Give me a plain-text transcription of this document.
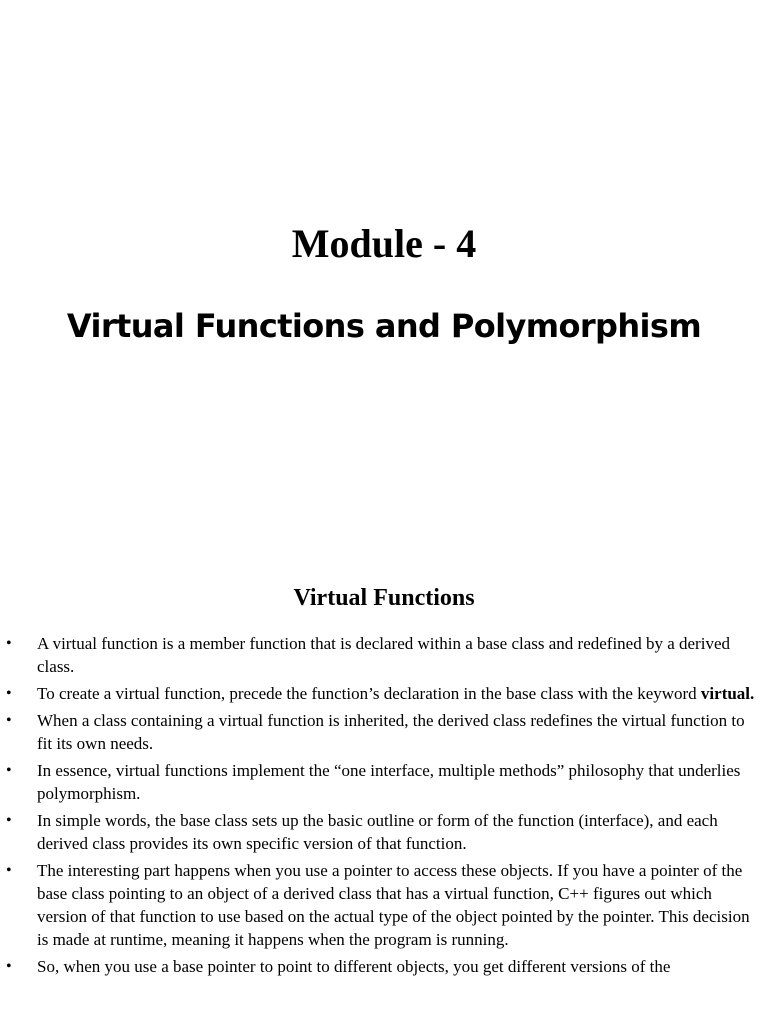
Module - 4
Virtual Functions and Polymorphism
Virtual Functions
• A virtual function is a member function that is declared within a base class and redefined by a derived class.
• To create a virtual function, precede the function’s declaration in the base class with the keyword virtual.
• When a class containing a virtual function is inherited, the derived class redefines the virtual function to fit its own needs.
• In essence, virtual functions implement the “one interface, multiple methods” philosophy that underlies polymorphism.
• In simple words, the base class sets up the basic outline or form of the function (interface), and each derived class provides its own specific version of that function.
• The interesting part happens when you use a pointer to access these objects. If you have a pointer of the base class pointing to an object of a derived class that has a virtual function, C++ figures out which version of that function to use based on the actual type of the object pointed by the pointer. This decision is made at runtime, meaning it happens when the program is running.
• So, when you use a base pointer to point to different objects, you get different versions of the
